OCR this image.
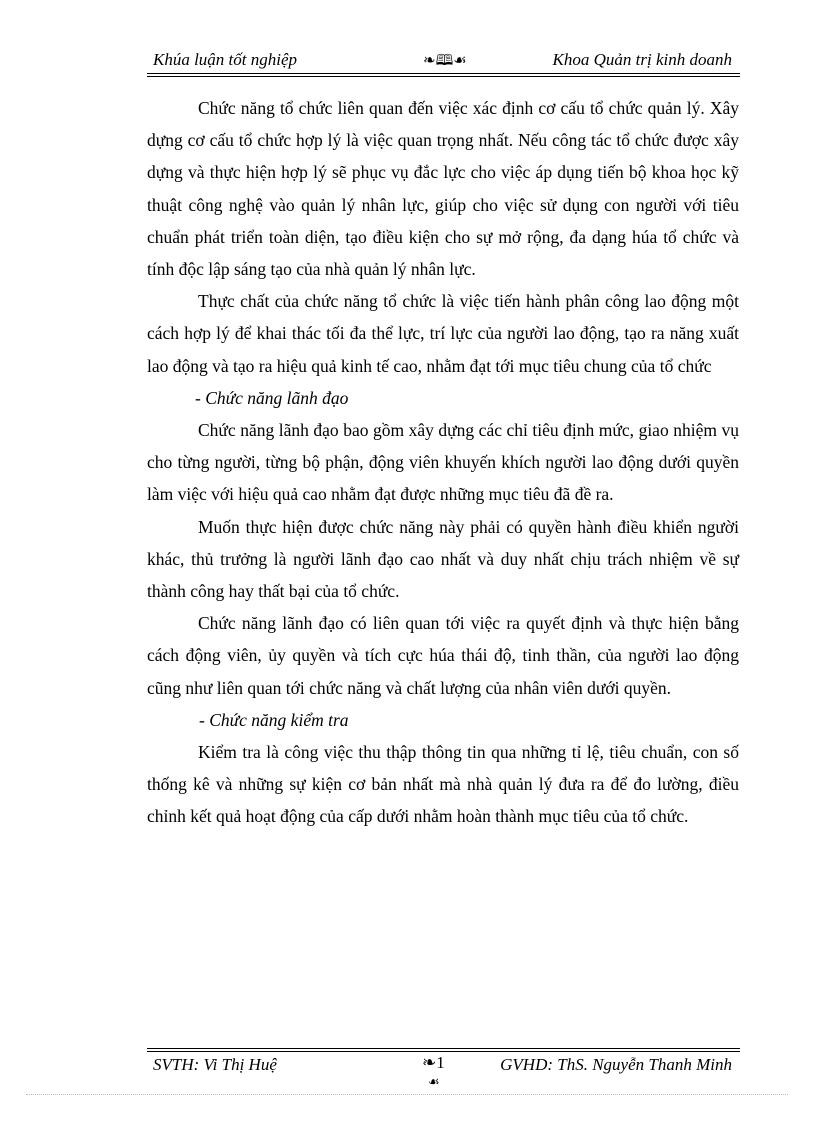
Khúa luận tốt nghiệp	❧🕮☙	Khoa Quản trị kinh doanh

Chức năng tổ chức liên quan đến việc xác định cơ cấu tổ chức quản lý. Xây dựng cơ cấu tổ chức hợp lý là việc quan trọng nhất. Nếu công tác tổ chức được xây dựng và thực hiện hợp lý sẽ phục vụ đắc lực cho việc áp dụng tiến bộ khoa học kỹ thuật công nghệ vào quản lý nhân lực, giúp cho việc sử dụng con người với tiêu chuẩn phát triển toàn diện, tạo điều kiện cho sự mở rộng, đa dạng húa tổ chức và tính độc lập sáng tạo của nhà quản lý nhân lực.

Thực chất của chức năng tổ chức là việc tiến hành phân công lao động một cách hợp lý để khai thác tối đa thể lực, trí lực của người lao động, tạo ra năng xuất lao động và tạo ra hiệu quả kinh tế cao, nhằm đạt tới mục tiêu chung của tổ chức

- Chức năng lãnh đạo

Chức năng lãnh đạo bao gồm xây dựng các chỉ tiêu định mức, giao nhiệm vụ cho từng người, từng bộ phận, động viên khuyến khích người lao động dưới quyền làm việc với hiệu quả cao nhằm đạt được những mục tiêu đã đề ra.

Muốn thực hiện được chức năng này phải có quyền hành điều khiển người khác, thủ trưởng là người lãnh đạo cao nhất và duy nhất chịu trách nhiệm về sự thành công hay thất bại của tổ chức.

Chức năng lãnh đạo có liên quan tới việc ra quyết định và thực hiện bằng cách động viên, ủy quyền và tích cực húa thái độ, tinh thần, của người lao động cũng như liên quan tới chức năng và chất lượng của nhân viên dưới quyền.

- Chức năng kiểm tra

Kiểm tra là công việc thu thập thông tin qua những tỉ lệ, tiêu chuẩn, con số thống kê và những sự kiện cơ bản nhất mà nhà quản lý đưa ra để đo lường, điều chỉnh kết quả hoạt động của cấp dưới nhằm hoàn thành mục tiêu của tổ chức.

SVTH: Vi Thị Huệ	❧1
☙
GVHD: ThS. Nguyễn Thanh Minh
